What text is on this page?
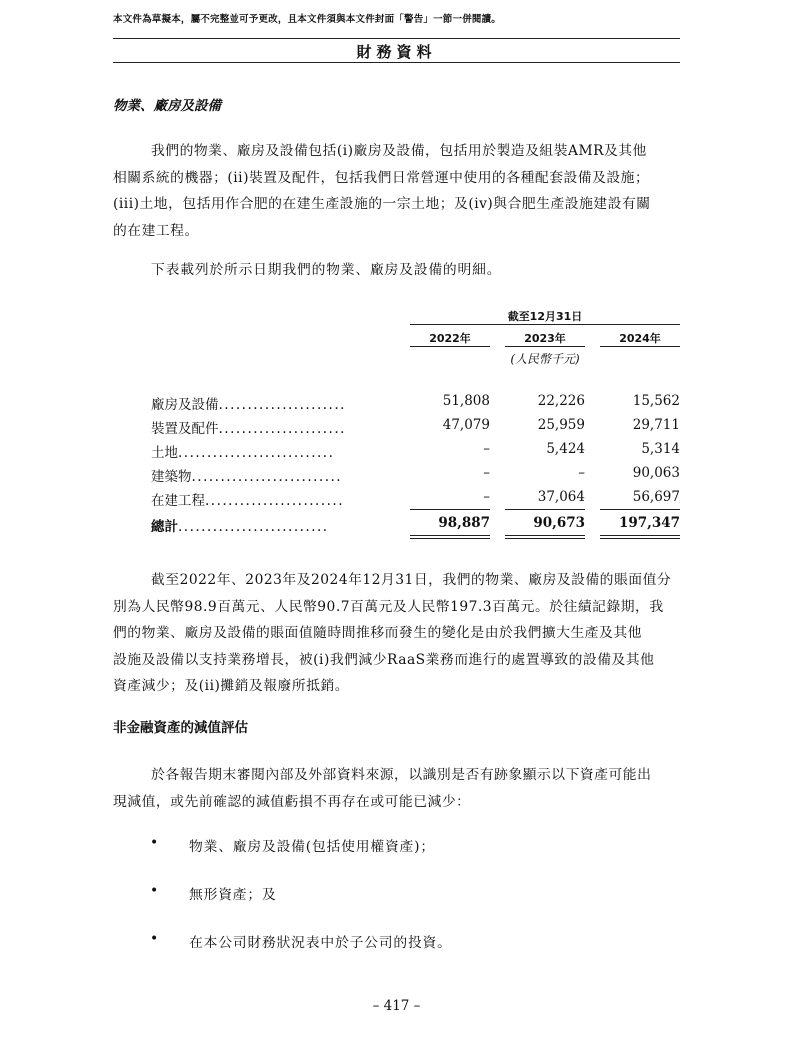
本文件為草擬本，屬不完整並可予更改，且本文件須與本文件封面「警告」一節一併閱讀。
財務資料
物業、廠房及設備
我們的物業、廠房及設備包括(i)廠房及設備，包括用於製造及組裝AMR及其他
相關系統的機器；(ii)裝置及配件，包括我們日常營運中使用的各種配套設備及設施；
(iii)土地，包括用作合肥的在建生產設施的一宗土地；及(iv)與合肥生產設施建設有關
的在建工程。
下表載列於所示日期我們的物業、廠房及設備的明細。
截至12月31日
2022年	2023年	2024年
(人民幣千元)
廠房及設備......................	51,808	22,226	15,562
裝置及配件......................	47,079	25,959	29,711
土地...........................	–	5,424	5,314
建築物..........................	–	–	90,063
在建工程........................	–	37,064	56,697
總計..........................	98,887	90,673	197,347
截至2022年、2023年及2024年12月31日，我們的物業、廠房及設備的賬面值分
別為人民幣98.9百萬元、人民幣90.7百萬元及人民幣197.3百萬元。於往績記錄期，我
們的物業、廠房及設備的賬面值隨時間推移而發生的變化是由於我們擴大生產及其他
設施及設備以支持業務增長，被(i)我們減少RaaS業務而進行的處置導致的設備及其他
資產減少；及(ii)攤銷及報廢所抵銷。
非金融資產的減值評估
於各報告期末審閱內部及外部資料來源，以識別是否有跡象顯示以下資產可能出
現減值，或先前確認的減值虧損不再存在或可能已減少：
• 物業、廠房及設備(包括使用權資產)；
• 無形資產；及
• 在本公司財務狀況表中於子公司的投資。
– 417 –
